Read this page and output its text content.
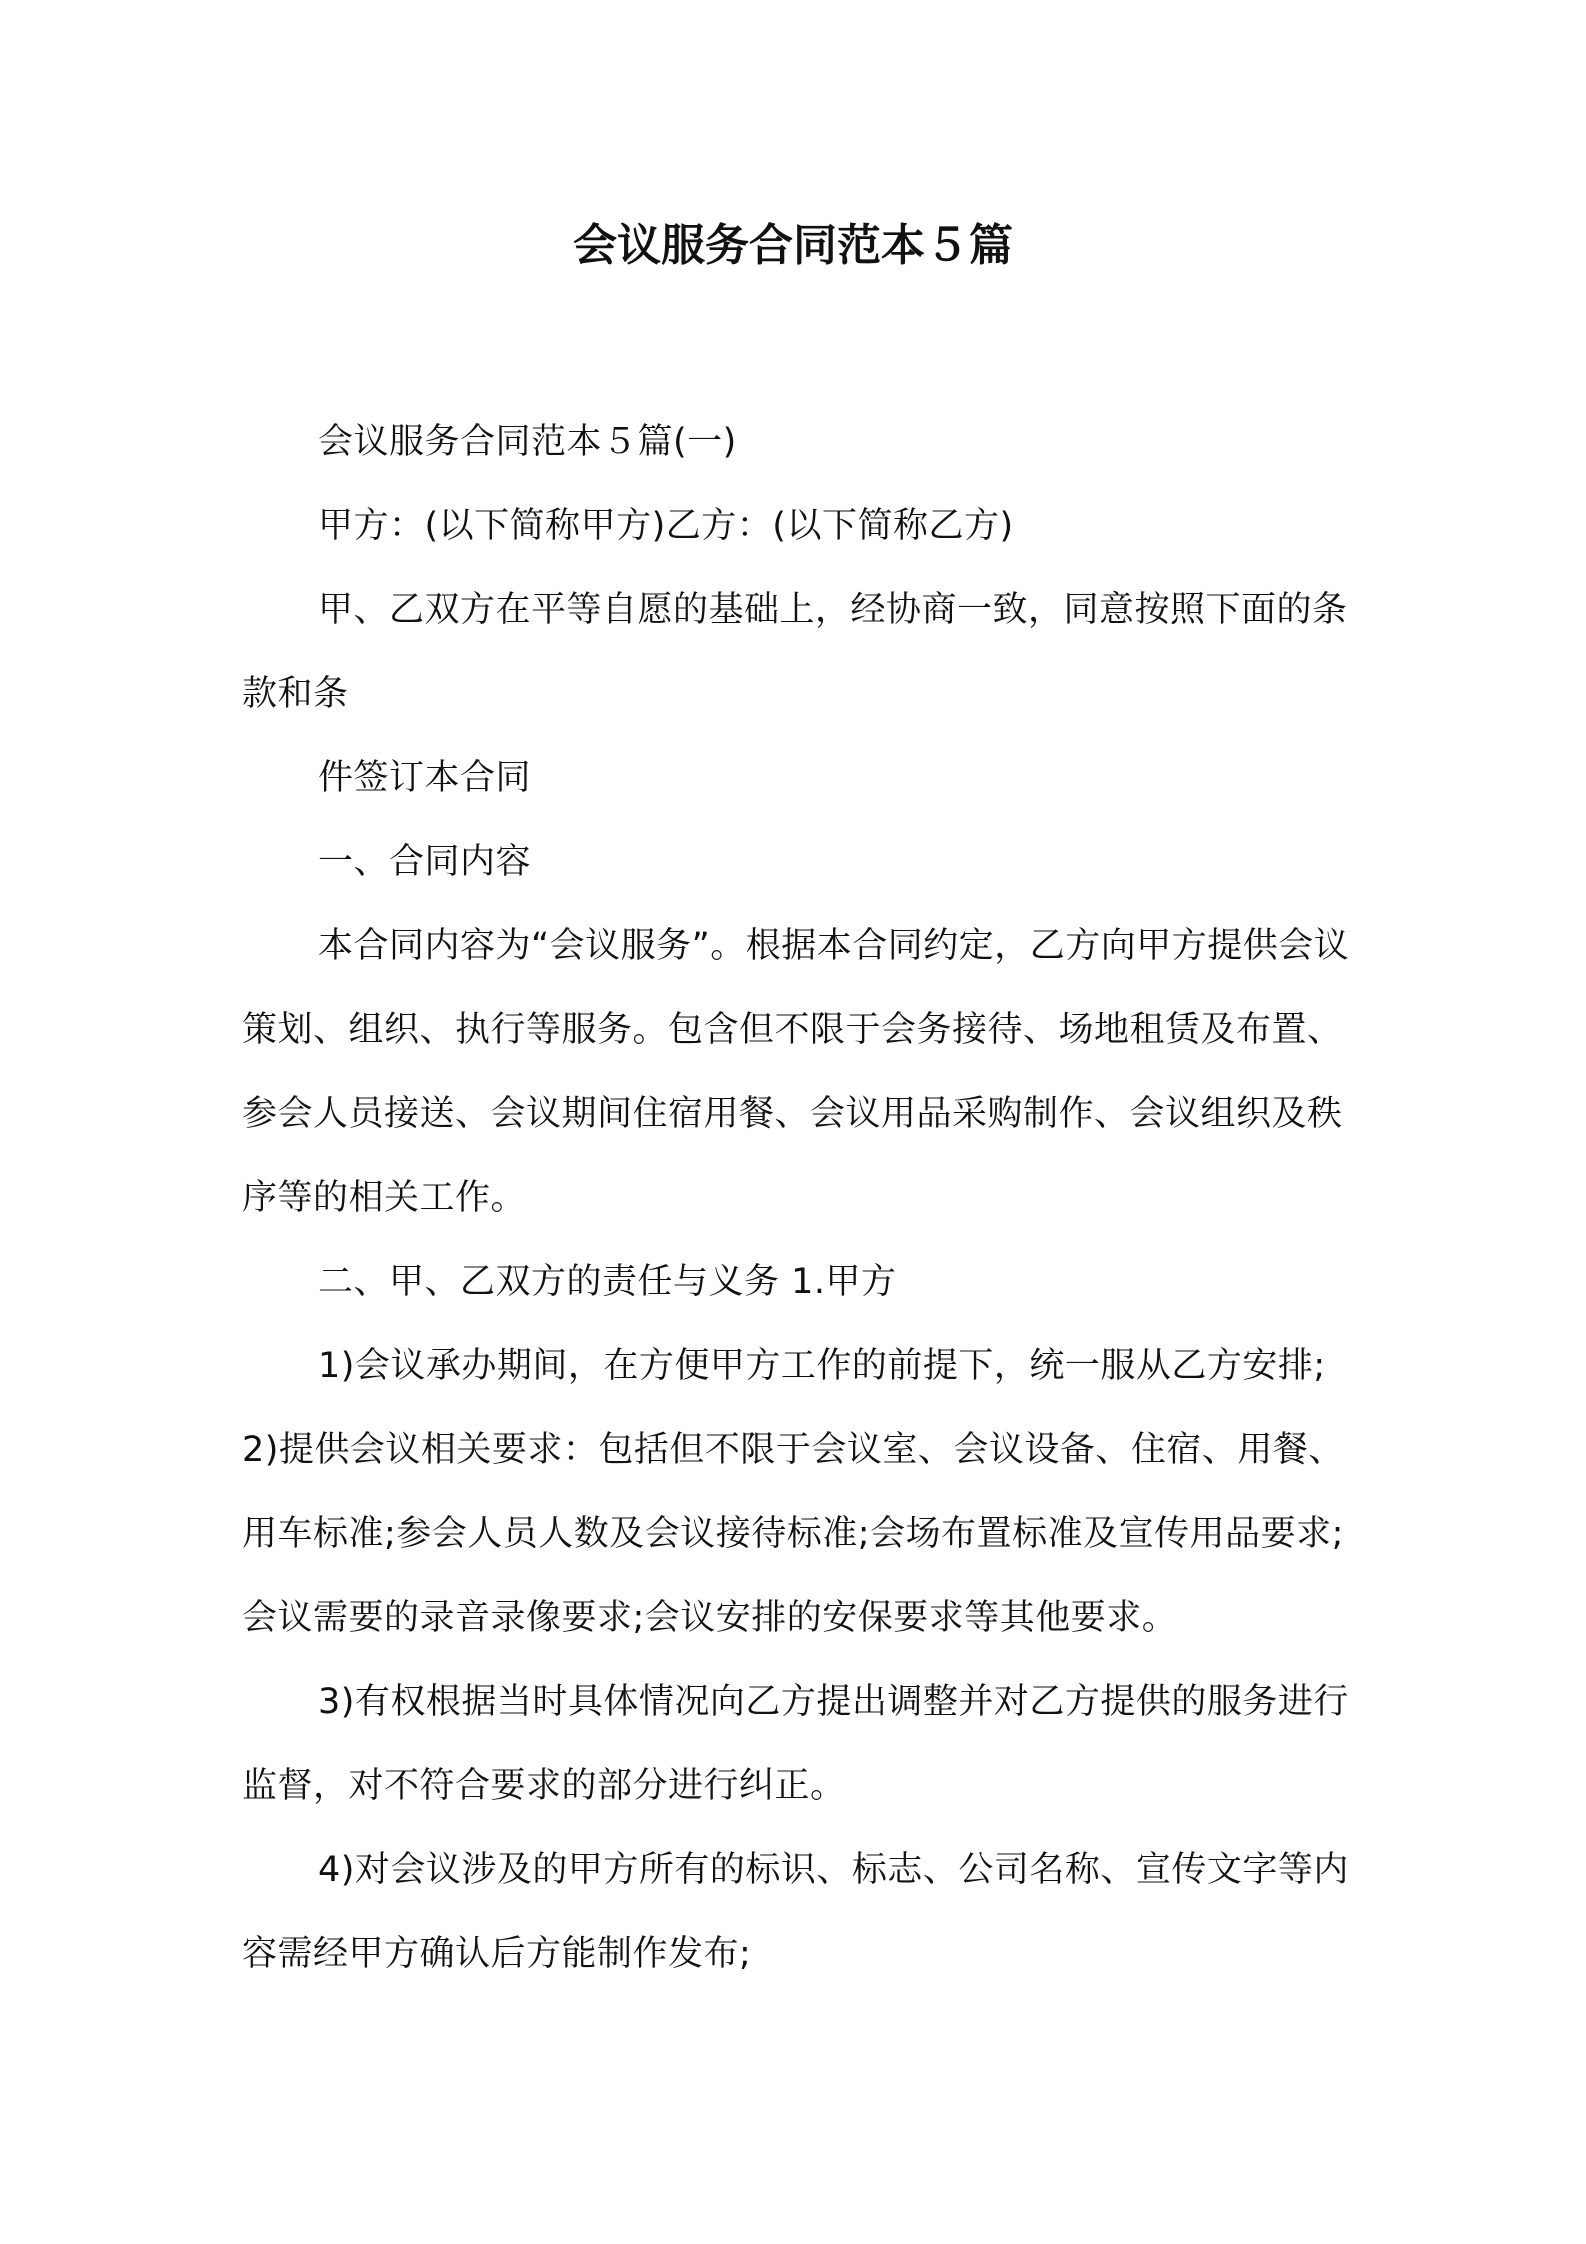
会议服务合同范本５篇

会议服务合同范本５篇(一)

甲方：(以下简称甲方)乙方：(以下简称乙方)

甲、乙双方在平等自愿的基础上，经协商一致，同意按照下面的条款和条

件签订本合同

一、合同内容

本合同内容为“会议服务”。根据本合同约定，乙方向甲方提供会议策划、组织、执行等服务。包含但不限于会务接待、场地租赁及布置、参会人员接送、会议期间住宿用餐、会议用品采购制作、会议组织及秩序等的相关工作。

二、甲、乙双方的责任与义务 1.甲方

1)会议承办期间，在方便甲方工作的前提下，统一服从乙方安排;2)提供会议相关要求：包括但不限于会议室、会议设备、住宿、用餐、用车标准;参会人员人数及会议接待标准;会场布置标准及宣传用品要求;会议需要的录音录像要求;会议安排的安保要求等其他要求。

3)有权根据当时具体情况向乙方提出调整并对乙方提供的服务进行监督，对不符合要求的部分进行纠正。

4)对会议涉及的甲方所有的标识、标志、公司名称、宣传文字等内容需经甲方确认后方能制作发布;
